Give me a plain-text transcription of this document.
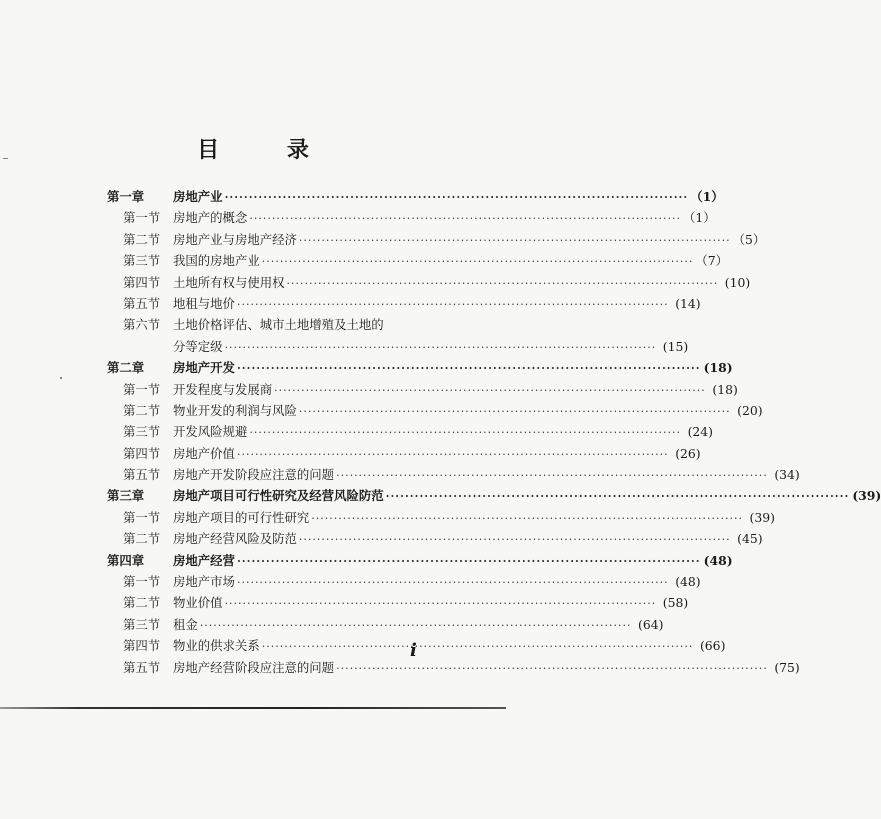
目 录
第一章	房地产业 ·····	（1）
第一节	房地产的概念 ·····	（1）
第二节	房地产业与房地产经济 ·····	（5）
第三节	我国的房地产业 ·····	（7）
第四节	土地所有权与使用权 ·····	(10)
第五节	地租与地价 ·····	(14)
第六节	土地价格评估、城市土地增殖及土地的
分等定级 ·····	(15)
第二章	房地产开发 ·····	(18)
第一节	开发程度与发展商 ·····	(18)
第二节	物业开发的利润与风险 ·····	(20)
第三节	开发风险规避 ·····	(24)
第四节	房地产价值 ·····	(26)
第五节	房地产开发阶段应注意的问题 ·····	(34)
第三章	房地产项目可行性研究及经营风险防范 ·····	(39)
第一节	房地产项目的可行性研究 ·····	(39)
第二节	房地产经营风险及防范 ·····	(45)
第四章	房地产经营 ·····	(48)
第一节	房地产市场 ·····	(48)
第二节	物业价值 ·····	(58)
第三节	租金 ·····	(64)
第四节	物业的供求关系 ·····	(66)
第五节	房地产经营阶段应注意的问题 ·····	(75)
i
